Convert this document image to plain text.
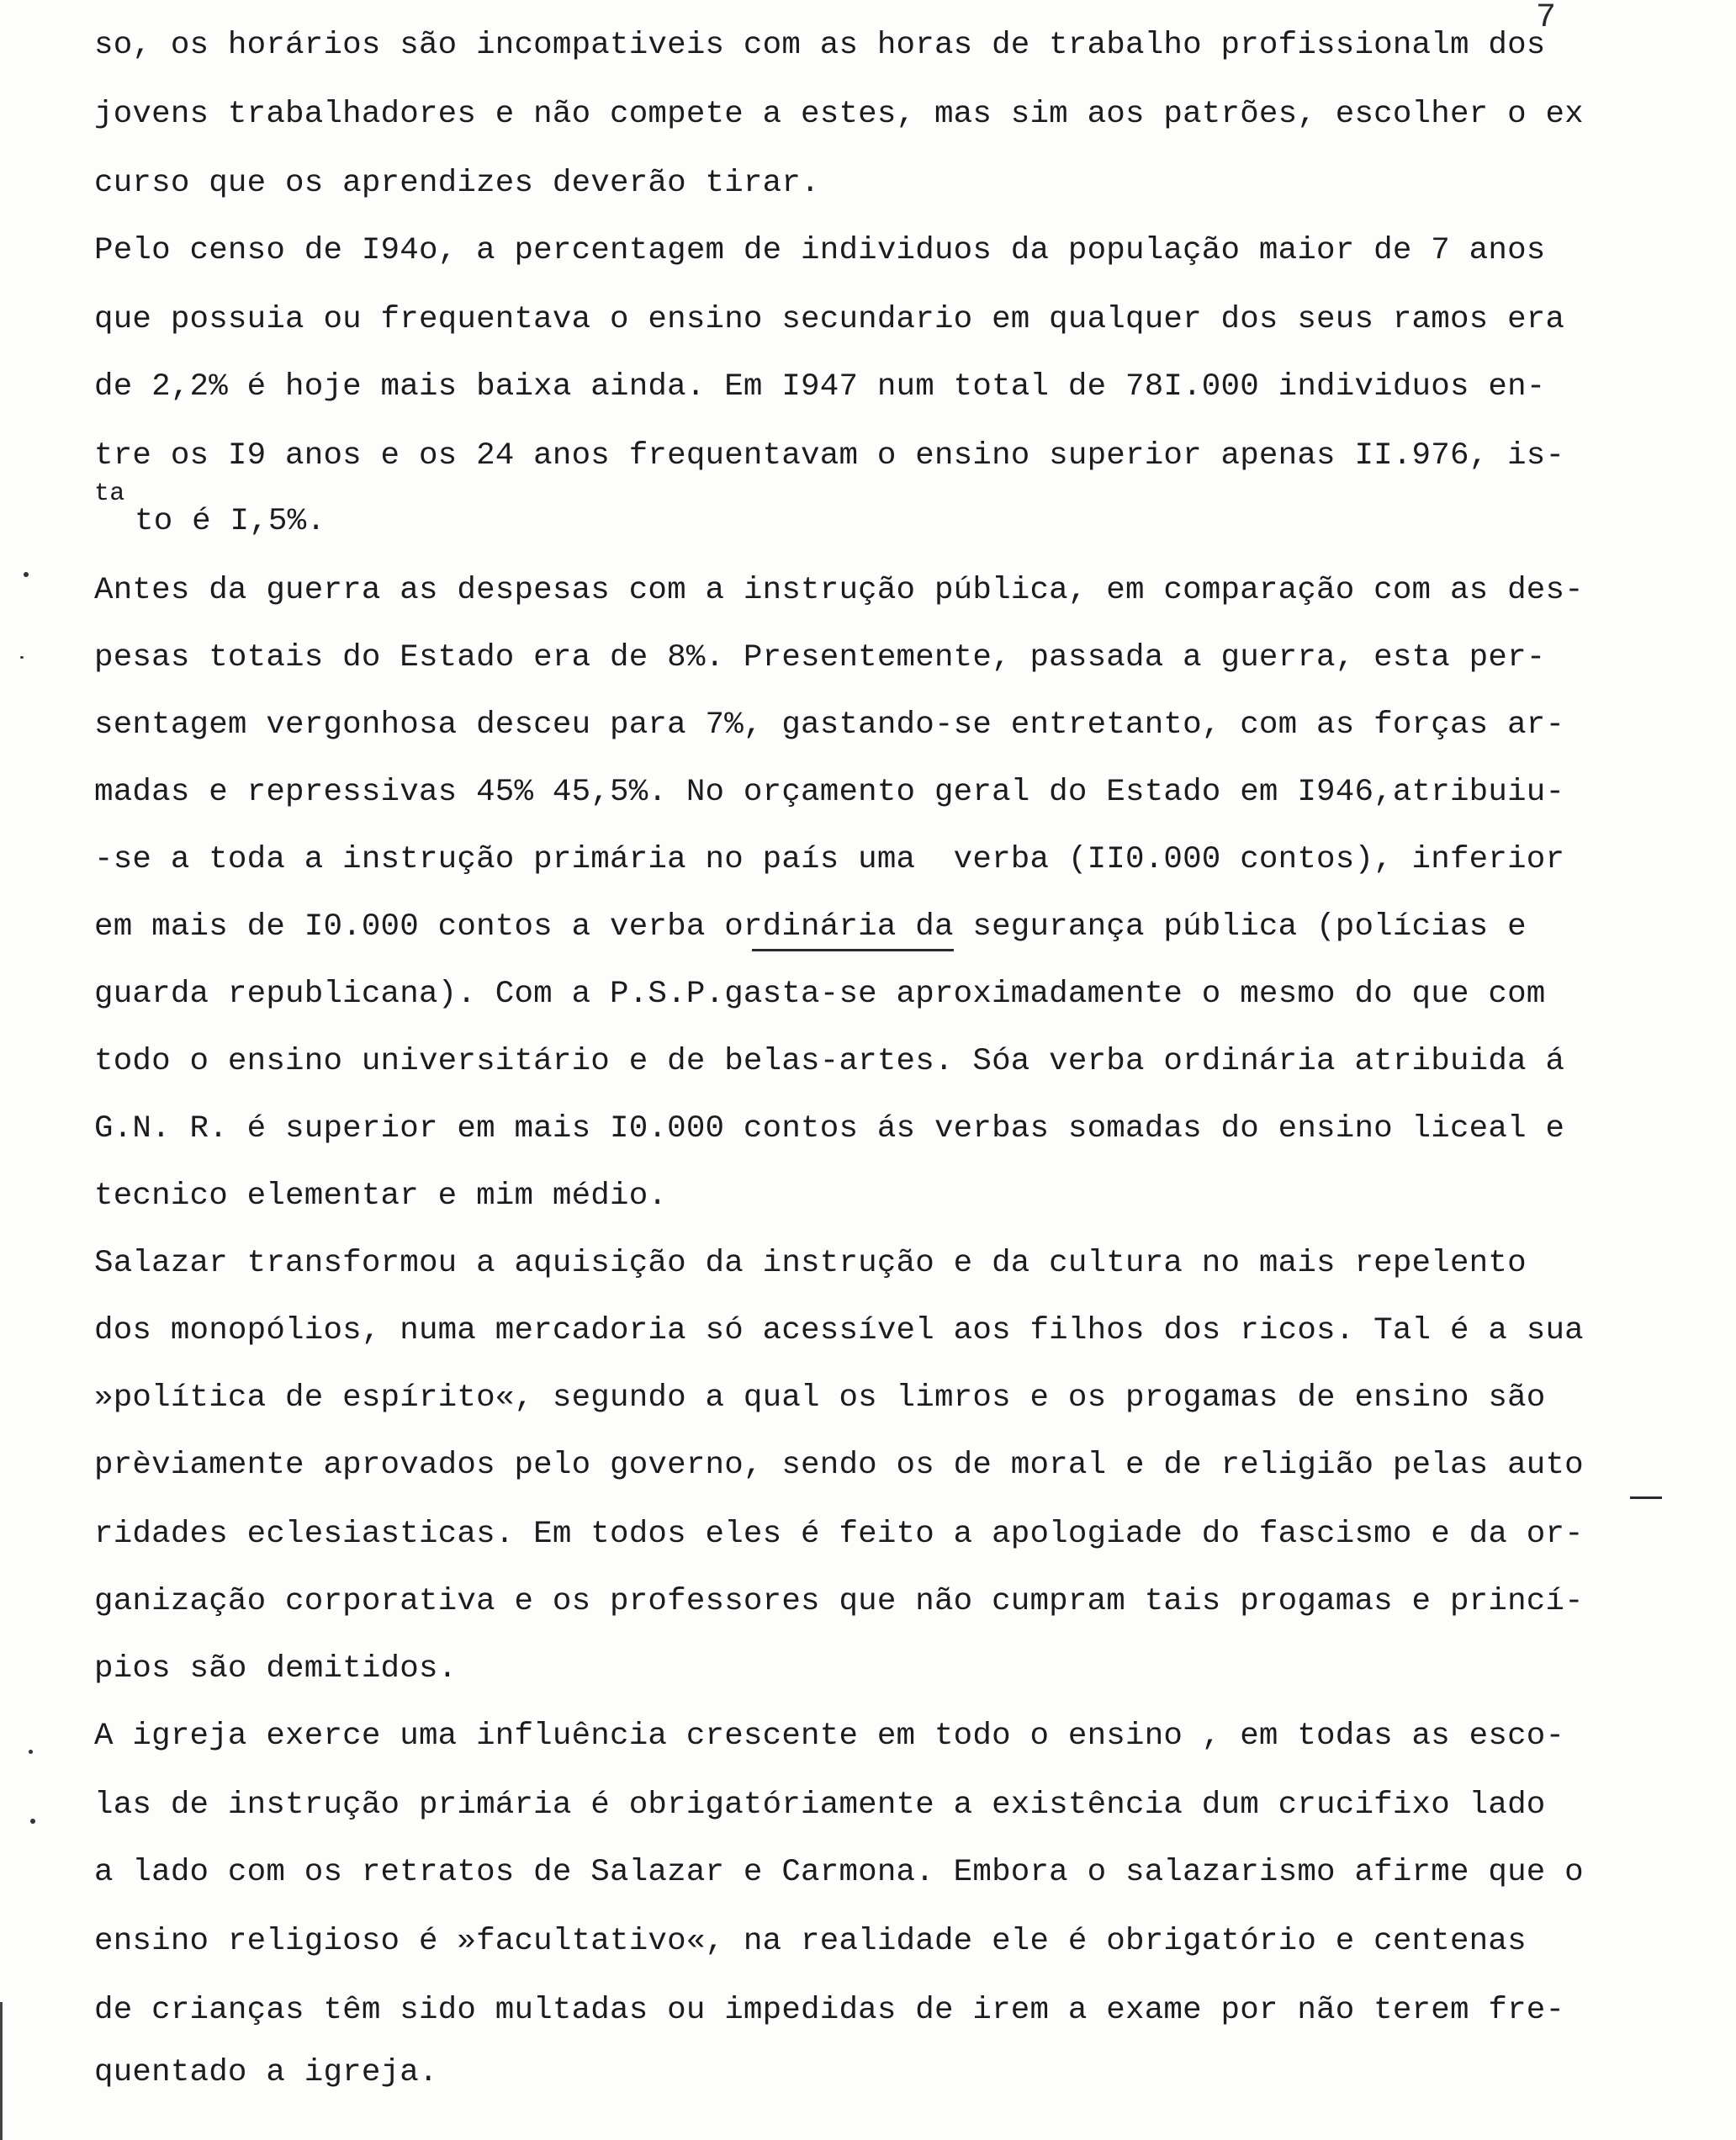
7
so, os horários são incompativeis com as horas de trabalho profissionalm dos
jovens trabalhadores e não compete a estes, mas sim aos patrões, escolher o ex
curso que os aprendizes deverão tirar.
Pelo censo de I94o, a percentagem de individuos da população maior de 7 anos
que possuia ou frequentava o ensino secundario em qualquer dos seus ramos era
de 2,2% é hoje mais baixa ainda. Em I947 num total de 78I.000 individuos en-
tre os I9 anos e os 24 anos frequentavam o ensino superior apenas II.976, is-
ta
to é I,5%.
Antes da guerra as despesas com a instrução pública, em comparação com as des-
pesas totais do Estado era de 8%. Presentemente, passada a guerra, esta per-
sentagem vergonhosa desceu para 7%, gastando-se entretanto, com as forças ar-
madas e repressivas 45% 45,5%. No orçamento geral do Estado em I946,atribuiu-
-se a toda a instrução primária no país uma  verba (II0.000 contos), inferior
em mais de I0.000 contos a verba ordinária da segurança pública (polícias e
guarda republicana). Com a P.S.P.gasta-se aproximadamente o mesmo do que com
todo o ensino universitário e de belas-artes. Sóa verba ordinária atribuida á
G.N. R. é superior em mais I0.000 contos ás verbas somadas do ensino liceal e
tecnico elementar e mim médio.
Salazar transformou a aquisição da instrução e da cultura no mais repelento
dos monopólios, numa mercadoria só acessível aos filhos dos ricos. Tal é a sua
»política de espírito«, segundo a qual os limros e os progamas de ensino são
prèviamente aprovados pelo governo, sendo os de moral e de religião pelas auto
ridades eclesiasticas. Em todos eles é feito a apologiade do fascismo e da or-
ganização corporativa e os professores que não cumpram tais progamas e princí-
pios são demitidos.
A igreja exerce uma influência crescente em todo o ensino , em todas as esco-
las de instrução primária é obrigatóriamente a existência dum crucifixo lado
a lado com os retratos de Salazar e Carmona. Embora o salazarismo afirme que o
ensino religioso é »facultativo«, na realidade ele é obrigatório e centenas
de crianças têm sido multadas ou impedidas de irem a exame por não terem fre-
quentado a igreja.
